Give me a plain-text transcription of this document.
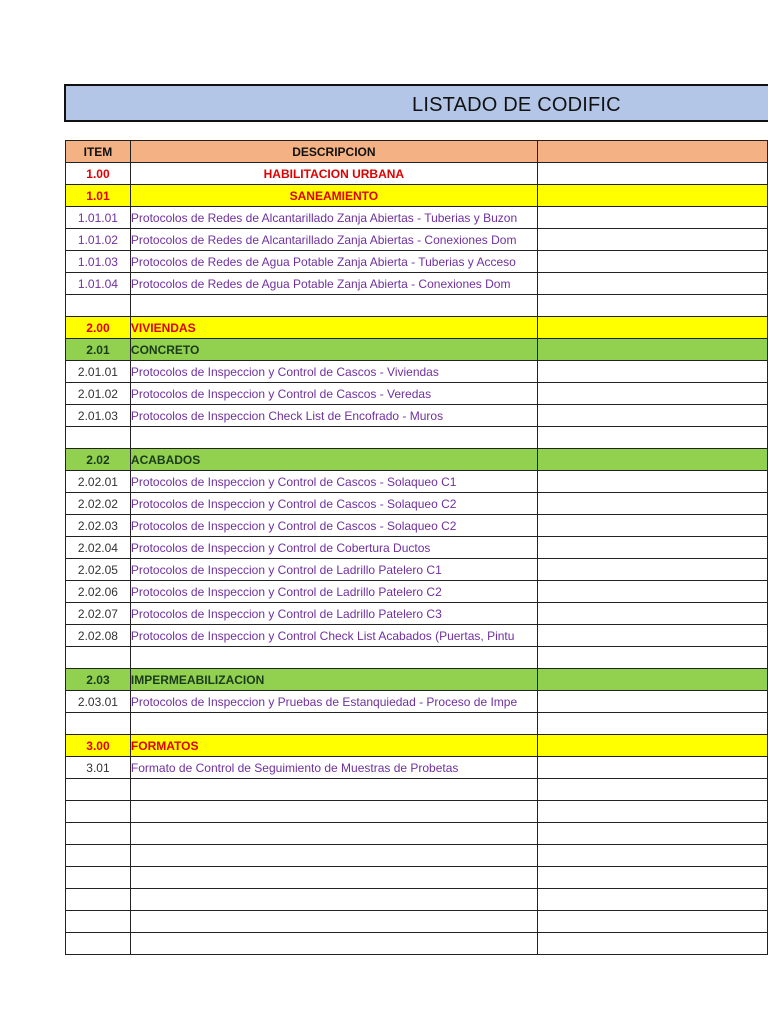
LISTADO DE CODIFIC
ITEM	DESCRIPCION	
1.00	HABILITACION URBANA	
1.01	SANEAMIENTO	
1.01.01	Protocolos de Redes de Alcantarillado Zanja Abiertas - Tuberias y Buzon	
1.01.02	Protocolos de Redes de Alcantarillado Zanja Abiertas - Conexiones Dom	
1.01.03	Protocolos de Redes de Agua Potable Zanja Abierta - Tuberias y Acceso	
1.01.04	Protocolos de Redes de Agua Potable Zanja Abierta - Conexiones Dom	

2.00	VIVIENDAS	
2.01	CONCRETO	
2.01.01	Protocolos de Inspeccion y Control de Cascos - Viviendas	
2.01.02	Protocolos de Inspeccion y Control de Cascos - Veredas	
2.01.03	Protocolos de Inspeccion Check List de Encofrado - Muros	

2.02	ACABADOS	
2.02.01	Protocolos de Inspeccion y Control de Cascos - Solaqueo C1	
2.02.02	Protocolos de Inspeccion y Control de Cascos - Solaqueo C2	
2.02.03	Protocolos de Inspeccion y Control de Cascos - Solaqueo C2	
2.02.04	Protocolos de Inspeccion y Control de Cobertura Ductos	
2.02.05	Protocolos de Inspeccion y Control de Ladrillo Patelero C1	
2.02.06	Protocolos de Inspeccion y Control de Ladrillo Patelero C2	
2.02.07	Protocolos de Inspeccion y Control de Ladrillo Patelero C3	
2.02.08	Protocolos de Inspeccion y Control Check List Acabados (Puertas, Pintu	

2.03	IMPERMEABILIZACION	
2.03.01	Protocolos de Inspeccion y Pruebas de Estanquiedad - Proceso de Impe	

3.00	FORMATOS	
3.01	Formato de Control de Seguimiento de Muestras de Probetas	
